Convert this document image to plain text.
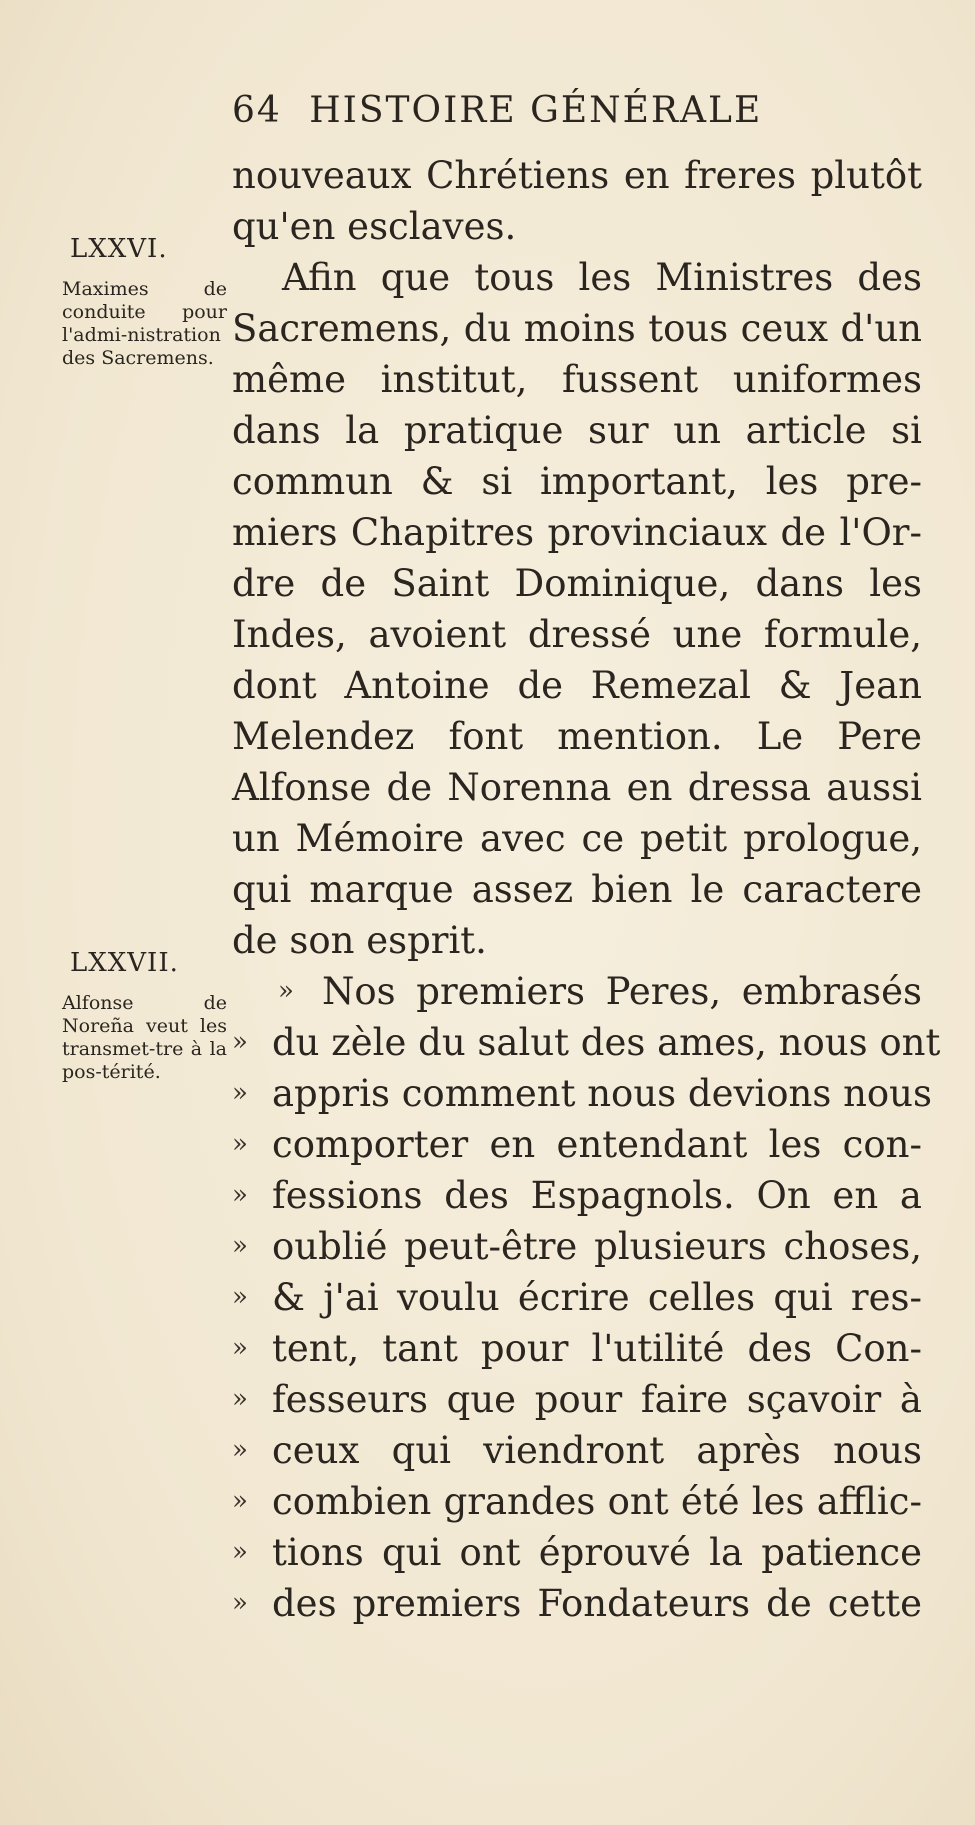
64 HISTOIRE GÉNÉRALE
LXXVI.
Maximes de conduite pour l'admi-nistration des Sacremens.
LXXVII.
Alfonse de Noreña veut les transmet-tre à la pos-térité.
nouveaux Chrétiens en freres plutôt
qu'en esclaves.
Afin que tous les Ministres des
Sacremens, du moins tous ceux d'un
même institut, fussent uniformes
dans la pratique sur un article si
commun & si important, les pre-
miers Chapitres provinciaux de l'Or-
dre de Saint Dominique, dans les
Indes, avoient dressé une formule,
dont Antoine de Remezal & Jean
Melendez font mention. Le Pere
Alfonse de Norenna en dressa aussi
un Mémoire avec ce petit prologue,
qui marque assez bien le caractere
de son esprit.
» Nos premiers Peres, embrasés
» du zèle du salut des ames, nous ont
» appris comment nous devions nous
» comporter en entendant les con-
» fessions des Espagnols. On en a
» oublié peut-être plusieurs choses,
» & j'ai voulu écrire celles qui res-
» tent, tant pour l'utilité des Con-
» fesseurs que pour faire sçavoir à
» ceux qui viendront après nous
» combien grandes ont été les afflic-
» tions qui ont éprouvé la patience
» des premiers Fondateurs de cette
